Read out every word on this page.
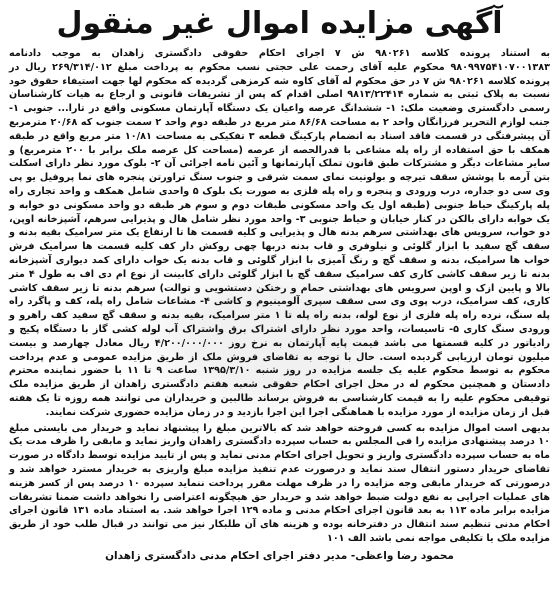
آگهی مزایده اموال غیر منقول

به استناد پرونده کلاسه ۹۸۰۲۶۱ ش ۷ اجرای احکام حقوقی دادگستری زاهدان به موجب دادنامه ۹۸۰۹۹۷۵۴۱۰۷۰۰۱۳۸۳ محکوم علیه آقای رحمت علی حجتی نسب محکوم به پرداخت مبلغ ۲۶۹/۳۱۴/۰۱۲ ریال در پرونده کلاسه ۹۸۰۲۶۱ ش ۷ در حق محکوم له آقای کاوه شه کرمزهی گردیده که محکوم لها جهت استیفاء حقوق خود نسبت به پلاک ثبتی به شماره ۹۸۱۳/۲۲۴۱۴ اصلی اقدام که پس از تشریفات قانونی و ارجاع به هیات کارشناسان رسمی دادگستری وضعیت ملک: ۱- ششدانگ عرصه واعیان یک دستگاه آپارتمان مسکونی واقع در تارا... جنوبی ۱- جنب لوازم التحریر فرزانگان واحد ۲ به مساحت ۸۶/۶۸ متر مربع در طبقه دوم واحد ۲ سمت جنوب که ۲۰/۶۸ مترمربع آن پیشرفتگی در قسمت فاقد اسناد به انضمام پارکینگ قطعه ۳ تفکیکی به مساحت ۱۰/۸۱ متر مربع واقع در طبقه همکف با حق استفاده از راه پله مشاعی با قدرالحصه از عرصه (مساحت کل عرصه ملک برابر با ۲۰۰ مترمربع) و سایر مشاعات دیگر و مشترکات طبق قانون تملک آپارتمانها و آئین نامه اجرائی آن ۲- بلوک مورد نظر دارای اسکلت بتن آرمه با پوشش سقف تیرچه و بولونیت نمای سمت شرقی و جنوب سنگ تراورتن پنجره های نما پروفیل یو پی وی سی دو جداره، درب ورودی و پنجره و راه پله فلزی به صورت یک بلوک ۵ واحدی شامل همکف و واحد تجاری راه پله پارکینگ حیاط جنوبی (طبقه اول یک واحد مسکونی طبقات دوم و سوم هر طبقه دو واحد مسکونی دو خوابه و یک خوابه دارای بالکن در کنار خیابان و حیاط جنوبی ۳- واحد مورد نظر شامل هال و پذیرایی سرهم، آشپزخانه اوپن، دو خواب، سرویس های بهداشتی سرهم بدنه هال و پذیرایی و کلیه قسمت ها تا ارتفاع یک متر سرامیک بقیه بدنه و سقف گچ سفید با ابزار گلوئی و نیلوفری و قاب بدنه دربها چهی روکش دار کف کلیه قسمت ها سرامیک فرش خواب ها سرامیک، بدنه و سقف گچ و رنگ آمیزی با ابزار گلوئی و قاب بدنه یک خواب دارای کمد دیواری آشپزخانه بدنه تا زیر سقف کاشی کاری کف سرامیک سقف گچ با ابزار گلوئی دارای کابینت از نوع ام دی اف به طول ۴ متر بالا و پایین ازک و اوپن سرویس های بهداشتی حمام و رختکن دستشویی و توالت) سرهم بدنه تا زیر سقف کاشی کاری، کف سرامیک، درب پوی وی سی سقف سپری آلومینیوم و کاشی ۴- مشاعات شامل راه پله، کف و پاگرد راه پله سنگ، نرده راه پله فلزی از نوع لوله، بدنه راه پله تا ۱ متر سرامیک، بقیه بدنه و سقف گچ سفید کف راهرو و ورودی سنگ کاری ۵- تاسیسات، واحد مورد نظر دارای اشتراک برق واشتراک آب لوله کشی گاز با دستگاه پکیج و رادیاتور در کلیه قسمتها می باشد قیمت پایه آپارتمان به نرخ روز ۴/۲۰۰/۰۰۰/۰۰۰ ریال معادل چهارصد و بیست میلیون تومان ارزیابی گردیده است. حال با توجه به تقاضای فروش ملک از طریق مزایده عمومی و عدم پرداخت محکوم به توسط محکوم علیه یک جلسه مزایده در روز شنبه ۱۳۹۵/۳/۱۰ ساعت ۹ تا ۱۱ با حضور نماینده محترم دادستان و همچنین محکوم له در محل اجرای احکام حقوقی شعبه هفتم دادگستری زاهدان از طریق مزایده ملک توقیفی محکوم علیه را به قیمت کارشناسی به فروش برساند طالبین و خریداران می توانند همه روزه تا یک هفته قبل از زمان مزایده از مورد مزایده با هماهنگی اجرا این اجرا بازدید و در زمان مزایده حضوری شرکت نمایند.

بدیهی است اموال مزایده به کسی فروخته خواهد شد که بالاترین مبلغ را پیشنهاد نماید و خریدار می بایستی مبلغ ۱۰ درصد پیشنهادی مزایده را فی المجلس به حساب سپرده دادگستری زاهدان واریز نماید و مابقی را ظرف مدت یک ماه به حساب سپرده دادگستری واریز و تحویل اجرای احکام مدنی نماید و پس از تایید مزایده توسط دادگاه در صورت تقاضای خریدار دستور انتقال سند نماید و درصورت عدم تنفیذ مزایده مبلغ واریزی به خریدار مسترد خواهد شد و درصورتی که خریدار مابقی وجه مزایده را در ظرف مهلت مقرر پرداخت ننماید سپرده ۱۰ درصد پس از کسر هزینه های عملیات اجرایی به نفع دولت ضبط خواهد شد و خریدار حق هیچگونه اعتراضی را نخواهد داشت ضمنا تشریفات مزایده برابر ماده ۱۱۳ به بعد قانون اجرای احکام مدنی و ماده ۱۲۹ اجرا خواهد شد. به استناد ماده ۱۳۱ قانون اجرای احکام مدنی تنظیم سند انتقال در دفترخانه بوده و هزینه های آن طلبکار نیز می توانند در قبال طلب خود از طریق مزایده ملک یا تکلیفی مواجه نمی باشد الف ۱۰۱

محمود رضا واعظی- مدیر دفتر اجرای احکام مدنی دادگستری زاهدان
